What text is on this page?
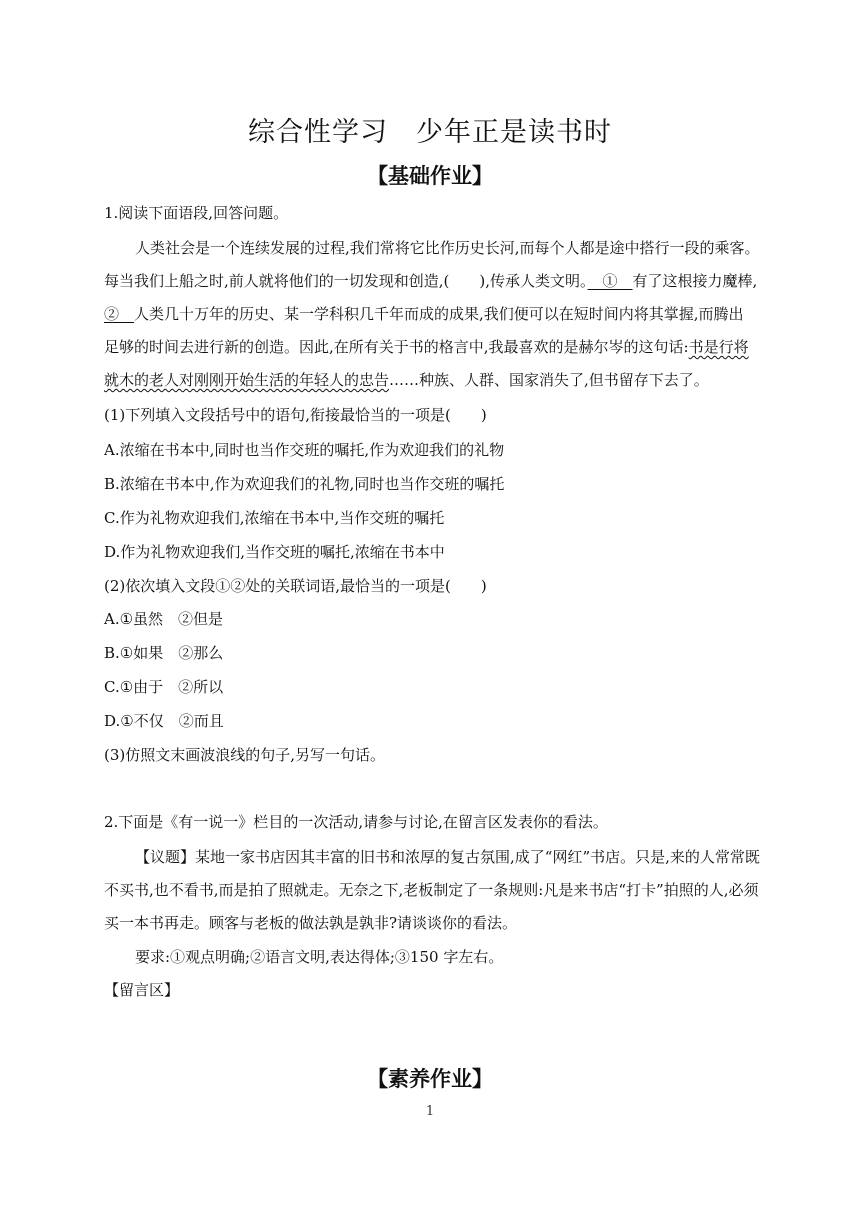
综合性学习　少年正是读书时
【基础作业】
1.阅读下面语段,回答问题。
人类社会是一个连续发展的过程,我们常将它比作历史长河,而每个人都是途中搭行一段的乘客。
每当我们上船之时,前人就将他们的一切发现和创造,(　　),传承人类文明。　①　有了这根接力魔棒,
②　人类几十万年的历史、某一学科积几千年而成的成果,我们便可以在短时间内将其掌握,而腾出
足够的时间去进行新的创造。因此,在所有关于书的格言中,我最喜欢的是赫尔岑的这句话:书是行将
就木的老人对刚刚开始生活的年轻人的忠告……种族、人群、国家消失了,但书留存下去了。
(1)下列填入文段括号中的语句,衔接最恰当的一项是(　　)
A.浓缩在书本中,同时也当作交班的嘱托,作为欢迎我们的礼物
B.浓缩在书本中,作为欢迎我们的礼物,同时也当作交班的嘱托
C.作为礼物欢迎我们,浓缩在书本中,当作交班的嘱托
D.作为礼物欢迎我们,当作交班的嘱托,浓缩在书本中
(2)依次填入文段①②处的关联词语,最恰当的一项是(　　)
A.①虽然　②但是
B.①如果　②那么
C.①由于　②所以
D.①不仅　②而且
(3)仿照文末画波浪线的句子,另写一句话。
2.下面是《有一说一》栏目的一次活动,请参与讨论,在留言区发表你的看法。
【议题】某地一家书店因其丰富的旧书和浓厚的复古氛围,成了“网红”书店。只是,来的人常常既
不买书,也不看书,而是拍了照就走。无奈之下,老板制定了一条规则:凡是来书店“打卡”拍照的人,必须
买一本书再走。顾客与老板的做法孰是孰非?请谈谈你的看法。
要求:①观点明确;②语言文明,表达得体;③150 字左右。
【留言区】
【素养作业】
1
